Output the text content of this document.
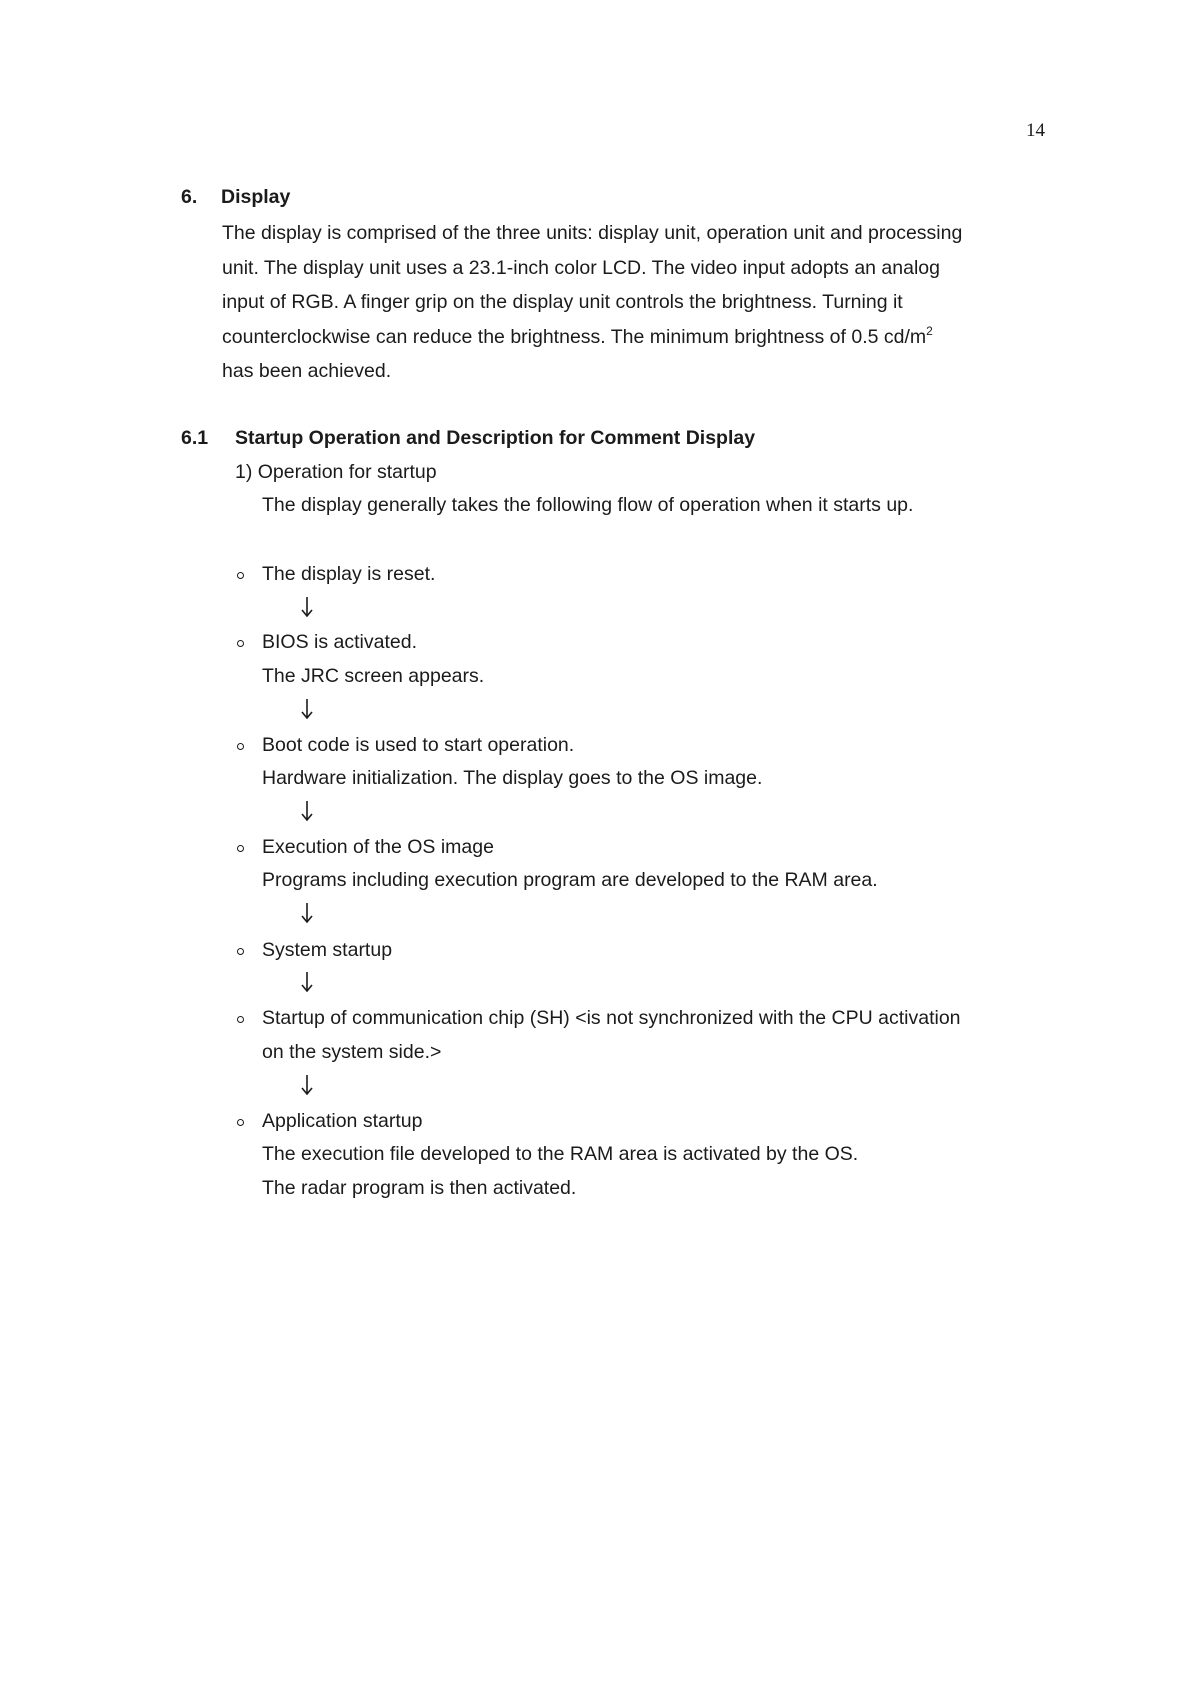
14
6. Display
The display is comprised of the three units: display unit, operation unit and processing
unit. The display unit uses a 23.1-inch color LCD. The video input adopts an analog
input of RGB. A finger grip on the display unit controls the brightness. Turning it
counterclockwise can reduce the brightness. The minimum brightness of 0.5 $cd/m^2$
has been achieved.
6.1 Startup Operation and Description for Comment Display
1) Operation for startup
The display generally takes the following flow of operation when it starts up.
The display is reset.
BIOS is activated.
The JRC screen appears.
Boot code is used to start operation.
Hardware initialization. The display goes to the OS image.
Execution of the OS image
Programs including execution program are developed to the RAM area.
System startup
Startup of communication chip (SH) <is not synchronized with the CPU activation
on the system side.>
Application startup
The execution file developed to the RAM area is activated by the OS.
The radar program is then activated.
